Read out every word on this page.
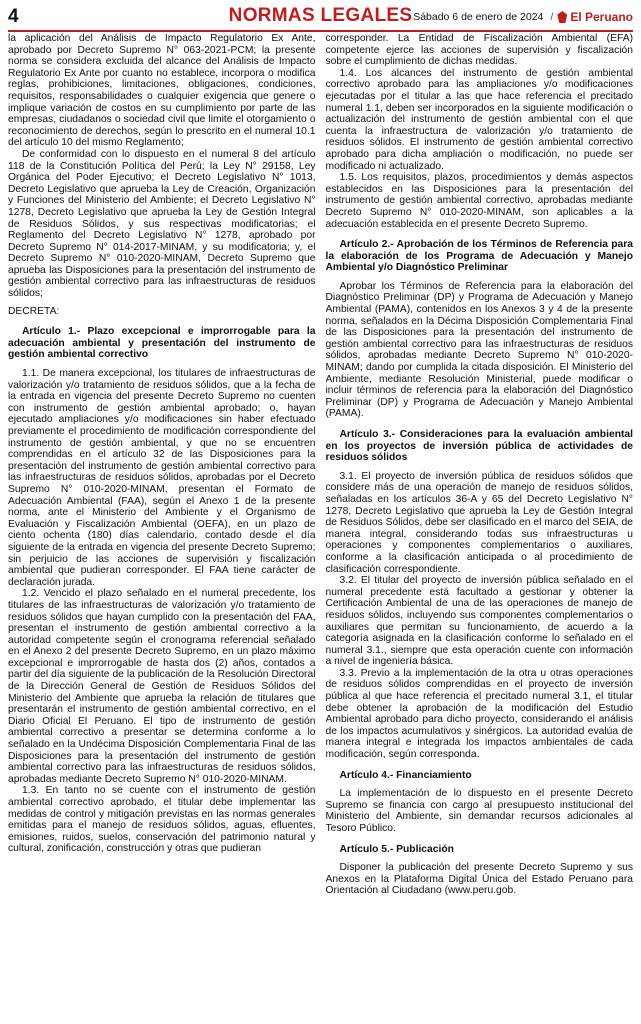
4	NORMAS LEGALES Sábado 6 de enero de 2024 / El Peruano

la aplicación del Análisis de Impacto Regulatorio Ex Ante, aprobado por Decreto Supremo N° 063-2021-PCM; la presente norma se considera excluida del alcance del Análisis de Impacto Regulatorio Ex Ante por cuanto no establece, incorpora o modifica reglas, prohibiciones, limitaciones, obligaciones, condiciones, requisitos, responsabilidades o cualquier exigencia que genere o implique variación de costos en su cumplimiento por parte de las empresas, ciudadanos o sociedad civil que limite el otorgamiento o reconocimiento de derechos, según lo prescrito en el numeral 10.1 del artículo 10 del mismo Reglamento;

De conformidad con lo dispuesto en el numeral 8 del artículo 118 de la Constitución Política del Perú; la Ley N° 29158, Ley Orgánica del Poder Ejecutivo; el Decreto Legislativo N° 1013, Decreto Legislativo que aprueba la Ley de Creación, Organización y Funciones del Ministerio del Ambiente; el Decreto Legislativo N° 1278, Decreto Legislativo que aprueba la Ley de Gestión Integral de Residuos Sólidos, y sus respectivas modificatorias; el Reglamento del Decreto Legislativo N° 1278, aprobado por Decreto Supremo N° 014-2017-MINAM, y su modificatoria; y, el Decreto Supremo N° 010-2020-MINAM, Decreto Supremo que aprueba las Disposiciones para la presentación del instrumento de gestión ambiental correctivo para las infraestructuras de residuos sólidos;

DECRETA:

Artículo 1.- Plazo excepcional e improrrogable para la adecuación ambiental y presentación del instrumento de gestión ambiental correctivo

1.1. De manera excepcional, los titulares de infraestructuras de valorización y/o tratamiento de residuos sólidos, que a la fecha de la entrada en vigencia del presente Decreto Supremo no cuenten con instrumento de gestión ambiental aprobado; o, hayan ejecutado ampliaciones y/o modificaciones sin haber efectuado previamente el procedimiento de modificación correspondiente del instrumento de gestión ambiental, y que no se encuentren comprendidas en el artículo 32 de las Disposiciones para la presentación del instrumento de gestión ambiental correctivo para las infraestructuras de residuos sólidos, aprobadas por el Decreto Supremo N° 010-2020-MINAM, presentan el Formato de Adecuación Ambiental (FAA), según el Anexo 1 de la presente norma, ante el Ministerio del Ambiente y el Organismo de Evaluación y Fiscalización Ambiental (OEFA), en un plazo de ciento ochenta (180) días calendario, contado desde el día siguiente de la entrada en vigencia del presente Decreto Supremo; sin perjuicio de las acciones de supervisión y fiscalización ambiental que pudieran corresponder. El FAA tiene carácter de declaración jurada.

1.2. Vencido el plazo señalado en el numeral precedente, los titulares de las infraestructuras de valorización y/o tratamiento de residuos sólidos que hayan cumplido con la presentación del FAA, presentan el instrumento de gestión ambiental correctivo a la autoridad competente según el cronograma referencial señalado en el Anexo 2 del presente Decreto Supremo, en un plazo máximo excepcional e improrrogable de hasta dos (2) años, contados a partir del día siguiente de la publicación de la Resolución Directoral de la Dirección General de Gestión de Residuos Sólidos del Ministerio del Ambiente que aprueba la relación de titulares que presentarán el instrumento de gestión ambiental correctivo, en el Diario Oficial El Peruano. El tipo de instrumento de gestión ambiental correctivo a presentar se determina conforme a lo señalado en la Undécima Disposición Complementaria Final de las Disposiciones para la presentación del instrumento de gestión ambiental correctivo para las infraestructuras de residuos sólidos, aprobadas mediante Decreto Supremo N° 010-2020-MINAM.

1.3. En tanto no se cuente con el instrumento de gestión ambiental correctivo aprobado, el titular debe implementar las medidas de control y mitigación previstas en las normas generales emitidas para el manejo de residuos sólidos, aguas, efluentes, emisiones, ruidos, suelos, conservación del patrimonio natural y cultural, zonificación, construcción y otras que pudieran

corresponder. La Entidad de Fiscalización Ambiental (EFA) competente ejerce las acciones de supervisión y fiscalización sobre el cumplimiento de dichas medidas.

1.4. Los alcances del instrumento de gestión ambiental correctivo aprobado para las ampliaciones y/o modificaciones ejecutadas por el titular a las que hace referencia el precitado numeral 1.1, deben ser incorporados en la siguiente modificación o actualización del instrumento de gestión ambiental con el que cuenta la infraestructura de valorización y/o tratamiento de residuos sólidos. El instrumento de gestión ambiental correctivo aprobado para dicha ampliación o modificación, no puede ser modificado ni actualizado.

1.5. Los requisitos, plazos, procedimientos y demás aspectos establecidos en las Disposiciones para la presentación del instrumento de gestión ambiental correctivo, aprobadas mediante Decreto Supremo N° 010-2020-MINAM, son aplicables a la adecuación establecida en el presente Decreto Supremo.

Artículo 2.- Aprobación de los Términos de Referencia para la elaboración de los Programa de Adecuación y Manejo Ambiental y/o Diagnóstico Preliminar

Aprobar los Términos de Referencia para la elaboración del Diagnóstico Preliminar (DP) y Programa de Adecuación y Manejo Ambiental (PAMA), contenidos en los Anexos 3 y 4 de la presente norma, señalados en la Décima Disposición Complementaria Final de las Disposiciones para la presentación del instrumento de gestión ambiental correctivo para las infraestructuras de residuos sólidos, aprobadas mediante Decreto Supremo N° 010-2020-MINAM; dando por cumplida la citada disposición. El Ministerio del Ambiente, mediante Resolución Ministerial, puede modificar o incluir términos de referencia para la elaboración del Diagnóstico Preliminar (DP) y Programa de Adecuación y Manejo Ambiental (PAMA).

Artículo 3.- Consideraciones para la evaluación ambiental en los proyectos de inversión pública de actividades de residuos sólidos

3.1. El proyecto de inversión pública de residuos sólidos que considere más de una operación de manejo de residuos sólidos, señaladas en los artículos 36-A y 65 del Decreto Legislativo N° 1278, Decreto Legislativo que aprueba la Ley de Gestión Integral de Residuos Sólidos, debe ser clasificado en el marco del SEIA, de manera integral, considerando todas sus infraestructuras u operaciones y componentes complementarios o auxiliares, conforme a la clasificación anticipada o al procedimiento de clasificación correspondiente.

3.2. El titular del proyecto de inversión pública señalado en el numeral precedente está facultado a gestionar y obtener la Certificación Ambiental de una de las operaciones de manejo de residuos sólidos, incluyendo sus componentes complementarios o auxiliares que permitan su funcionamiento, de acuerdo a la categoría asignada en la clasificación conforme lo señalado en el numeral 3.1., siempre que esta operación cuente con información a nivel de ingeniería básica.

3.3. Previo a la implementación de la otra u otras operaciones de residuos sólidos comprendidas en el proyecto de inversión pública al que hace referencia el precitado numeral 3.1, el titular debe obtener la aprobación de la modificación del Estudio Ambiental aprobado para dicho proyecto, considerando el análisis de los impactos acumulativos y sinérgicos. La autoridad evalúa de manera integral e integrada los impactos ambientales de cada modificación, según corresponda.

Artículo 4.- Financiamiento

La implementación de lo dispuesto en el presente Decreto Supremo se financia con cargo al presupuesto institucional del Ministerio del Ambiente, sin demandar recursos adicionales al Tesoro Público.

Artículo 5.- Publicación

Disponer la publicación del presente Decreto Supremo y sus Anexos en la Plataforma Digital Única del Estado Peruano para Orientación al Ciudadano (www.peru.gob.
